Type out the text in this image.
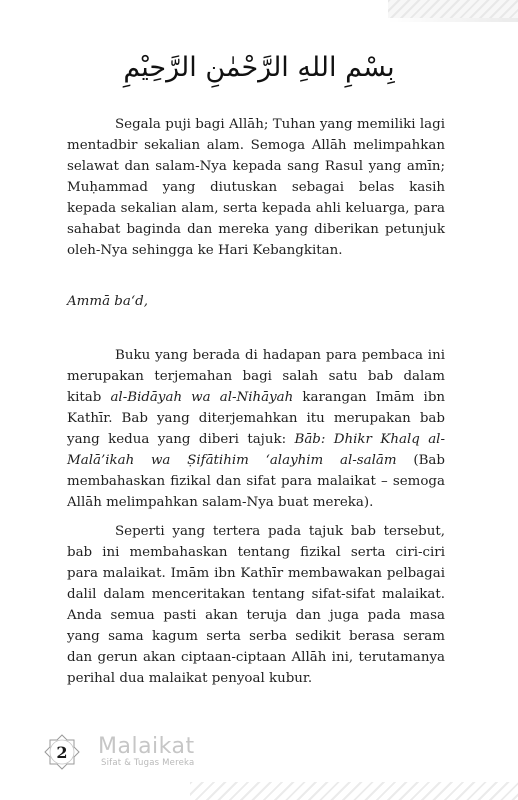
بِسْمِ اللهِ الرَّحْمٰنِ الرَّحِيْمِ

Segala puji bagi Allāh; Tuhan yang memiliki lagi mentadbir sekalian alam. Semoga Allāh melimpahkan selawat dan salam-Nya kepada sang Rasul yang amīn; Muḥammad yang diutuskan sebagai belas kasih kepada sekalian alam, serta kepada ahli keluarga, para sahabat baginda dan mereka yang diberikan petunjuk oleh-Nya sehingga ke Hari Kebangkitan.

Ammā ba‘d,

Buku yang berada di hadapan para pembaca ini merupakan terjemahan bagi salah satu bab dalam kitab al-Bidāyah wa al-Nihāyah karangan Imām ibn Kathīr. Bab yang diterjemahkan itu merupakan bab yang kedua yang diberi tajuk: Bāb: Dhikr Khalq al-Malā’ikah wa Ṣifātihim ‘alayhim al-salām (Bab membahaskan fizikal dan sifat para malaikat – semoga Allāh melimpahkan salam-Nya buat mereka).

Seperti yang tertera pada tajuk bab tersebut, bab ini membahaskan tentang fizikal serta ciri-ciri para malaikat. Imām ibn Kathīr membawakan pelbagai dalil dalam menceritakan tentang sifat-sifat malaikat. Anda semua pasti akan teruja dan juga pada masa yang sama kagum serta serba sedikit berasa seram dan gerun akan ciptaan-ciptaan Allāh ini, terutamanya perihal dua malaikat penyoal kubur.

2	Malaikat
Sifat & Tugas Mereka
